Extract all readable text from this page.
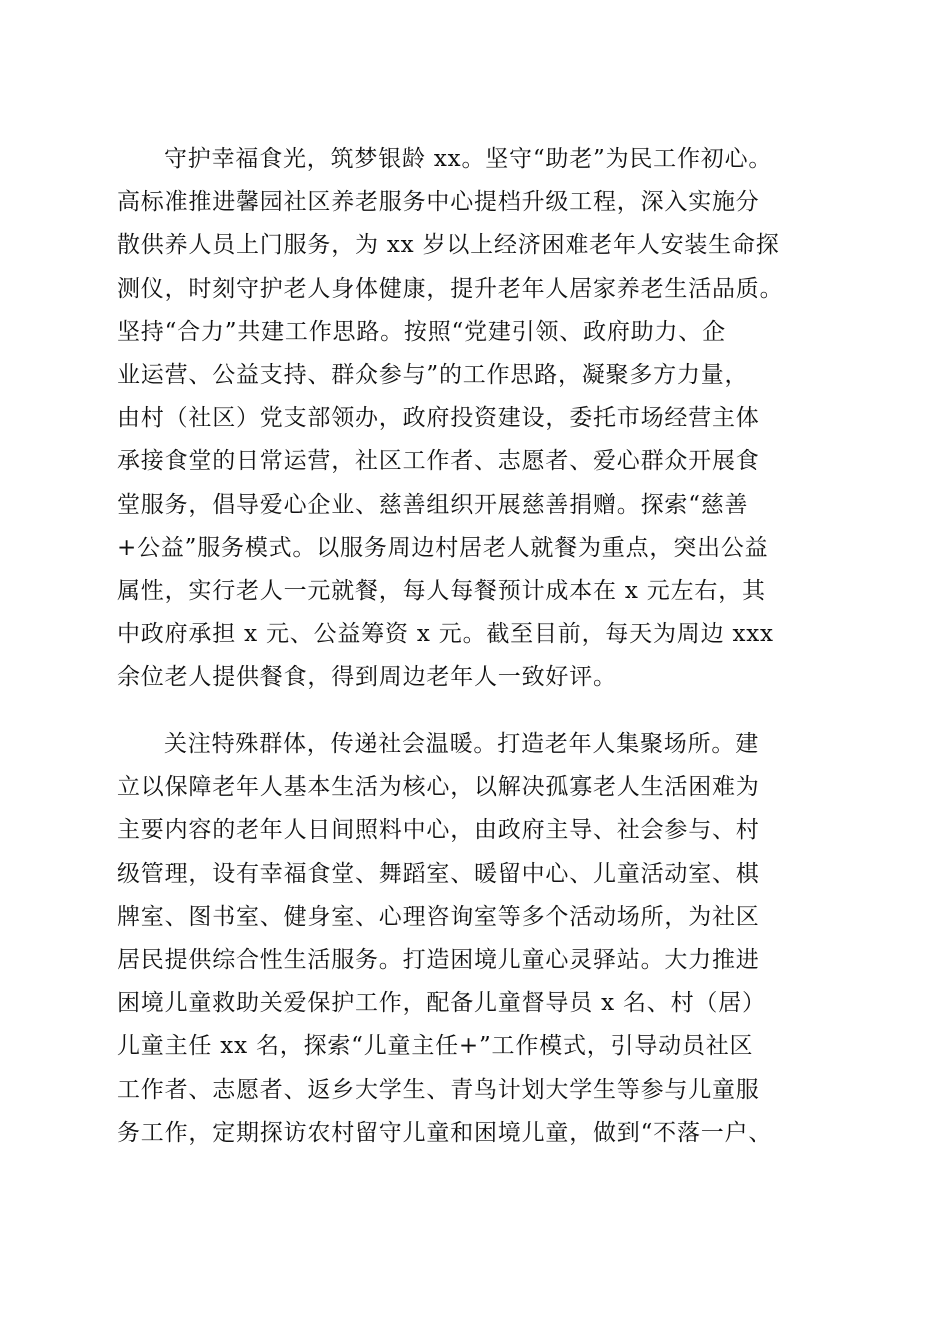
守护幸福食光，筑梦银龄 xx。坚守“助老”为民工作初心。
高标准推进馨园社区养老服务中心提档升级工程，深入实施分
散供养人员上门服务，为 xx 岁以上经济困难老年人安装生命探
测仪，时刻守护老人身体健康，提升老年人居家养老生活品质。
坚持“合力”共建工作思路。按照“党建引领、政府助力、企
业运营、公益支持、群众参与”的工作思路，凝聚多方力量，
由村（社区）党支部领办，政府投资建设，委托市场经营主体
承接食堂的日常运营，社区工作者、志愿者、爱心群众开展食
堂服务，倡导爱心企业、慈善组织开展慈善捐赠。探索“慈善
+公益”服务模式。以服务周边村居老人就餐为重点，突出公益
属性，实行老人一元就餐，每人每餐预计成本在 x 元左右，其
中政府承担 x 元、公益筹资 x 元。截至目前，每天为周边 xxx
余位老人提供餐食，得到周边老年人一致好评。
关注特殊群体，传递社会温暖。打造老年人集聚场所。建
立以保障老年人基本生活为核心，以解决孤寡老人生活困难为
主要内容的老年人日间照料中心，由政府主导、社会参与、村
级管理，设有幸福食堂、舞蹈室、暖留中心、儿童活动室、棋
牌室、图书室、健身室、心理咨询室等多个活动场所，为社区
居民提供综合性生活服务。打造困境儿童心灵驿站。大力推进
困境儿童救助关爱保护工作，配备儿童督导员 x 名、村（居）
儿童主任 xx 名，探索“儿童主任+”工作模式，引导动员社区
工作者、志愿者、返乡大学生、青鸟计划大学生等参与儿童服
务工作，定期探访农村留守儿童和困境儿童，做到“不落一户、
